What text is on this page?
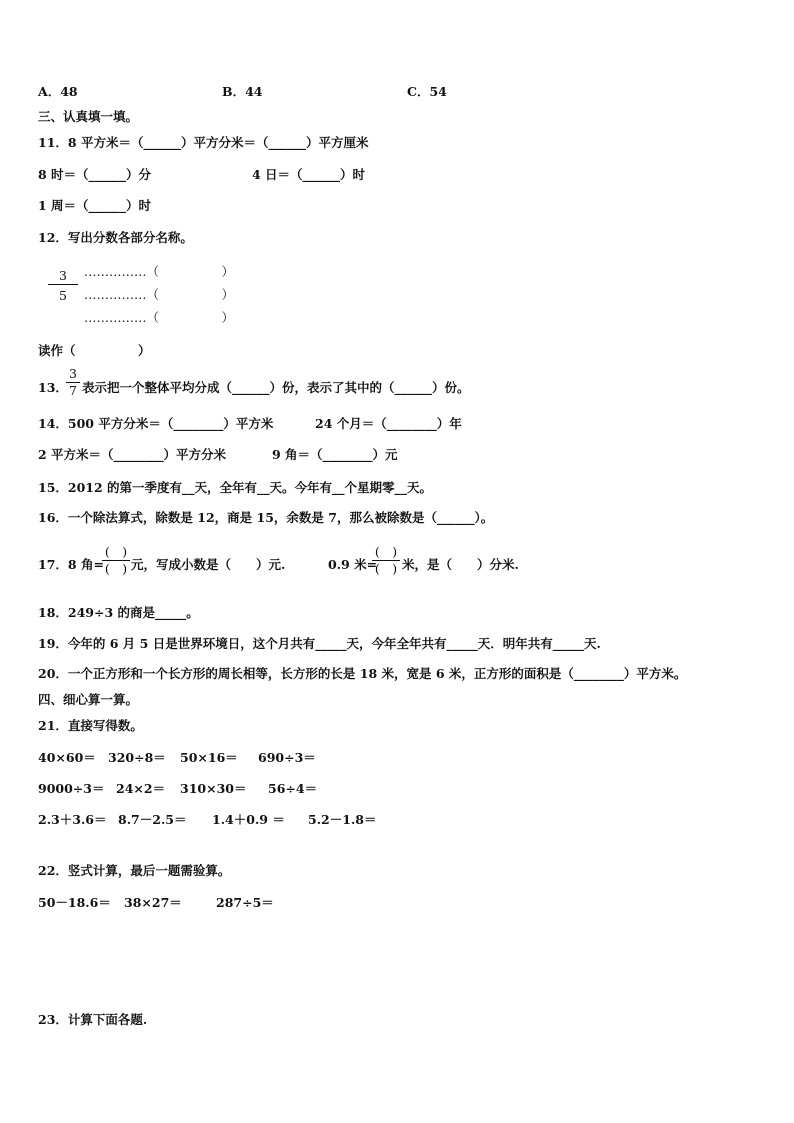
A．48	B．44	C．54
三、认真填一填。
11．8 平方米＝（______）平方分米＝（______）平方厘米
8 时＝（______）分	4 日＝（______）时
1 周＝（______）时
12．写出分数各部分名称。
3
5
……………（　　　　　）
……………（　　　　　）
……………（　　　　　）
读作（　　　　　）
13．
3
7 表示把一个整体平均分成（______）份，表示了其中的（______）份。
14．500 平方分米＝（________）平方米	24 个月＝（________）年
2 平方米＝（________）平方分米	9 角＝（________）元
15．2012 的第一季度有__天，全年有__天。今年有__个星期零__天。
16．一个除法算式，除数是 12，商是 15，余数是 7，那么被除数是（______）。
17．8 角=
(　)
(　) 元，写成小数是（　　）元.	0.9 米=
(　)
(　) 米，是（　　）分米.
18．249÷3 的商是_____。
19．今年的 6 月 5 日是世界环境日，这个月共有_____天，今年全年共有_____天．明年共有_____天.
20．一个正方形和一个长方形的周长相等，长方形的长是 18 米，宽是 6 米，正方形的面积是（________）平方米。
四、细心算一算。
21．直接写得数。
40×60＝ 320÷8＝ 50×16＝ 690÷3＝
9000÷3＝ 24×2＝ 310×30＝ 56÷4＝
2.3＋3.6＝ 8.7－2.5＝ 1.4＋0.9 ＝ 5.2－1.8＝
22．竖式计算，最后一题需验算。
50－18.6＝ 38×27＝	287÷5＝
23．计算下面各题.
